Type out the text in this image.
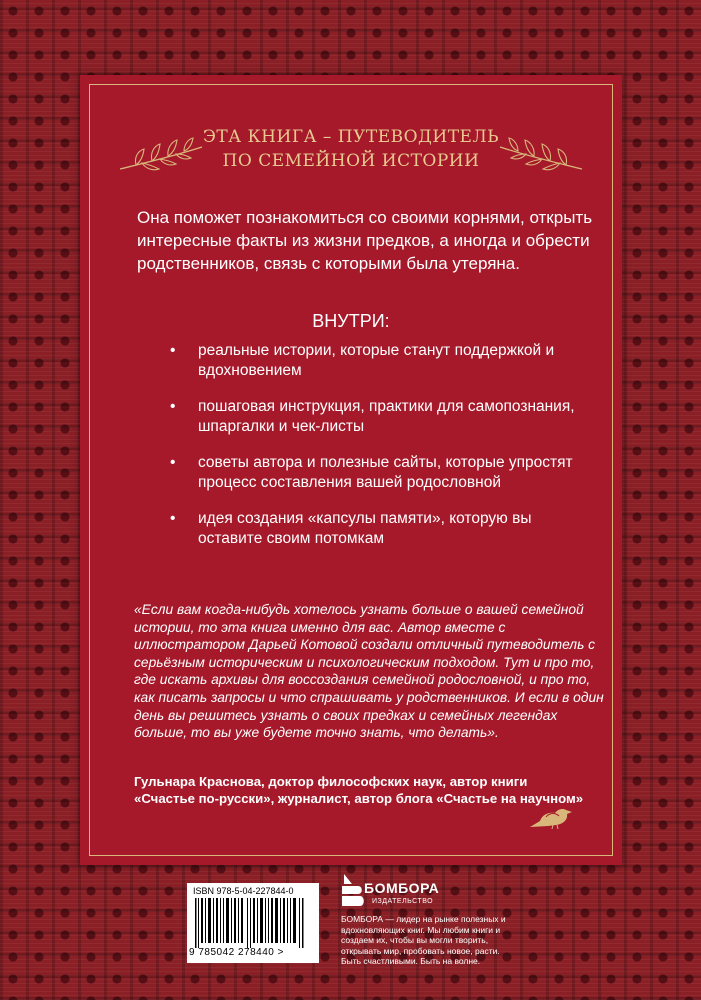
ЭТА КНИГА – ПУТЕВОДИТЕЛЬ ПО СЕМЕЙНОЙ ИСТОРИИ
Она поможет познакомиться со своими корнями, открыть интересные факты из жизни предков, а иногда и обрести родственников, связь с которыми была утеряна.
ВНУТРИ:
• реальные истории, которые станут поддержкой и вдохновением
• пошаговая инструкция, практики для самопознания, шпаргалки и чек-листы
• советы автора и полезные сайты, которые упростят процесс составления вашей родословной
• идея создания «капсулы памяти», которую вы оставите своим потомкам
«Если вам когда-нибудь хотелось узнать больше о вашей семейной истории, то эта книга именно для вас. Автор вместе с иллюстратором Дарьей Котовой создали отличный путеводитель с серьёзным историческим и психологическим подходом. Тут и про то, где искать архивы для воссоздания семейной родословной, и про то, как писать запросы и что спрашивать у родственников. И если в один день вы решитесь узнать о своих предках и семейных легендах больше, то вы уже будете точно знать, что делать».
Гульнара Краснова, доктор философских наук, автор книги «Счастье по-русски», журналист, автор блога «Счастье на научном»
ISBN 978-5-04-227844-0
9 785042 278440 >
БОМБОРА
ИЗДАТЕЛЬСТВО
БОМБОРА — лидер на рынке полезных и вдохновляющих книг. Мы любим книги и создаем их, чтобы вы могли творить, открывать мир, пробовать новое, расти. Быть счастливыми. Быть на волне.
